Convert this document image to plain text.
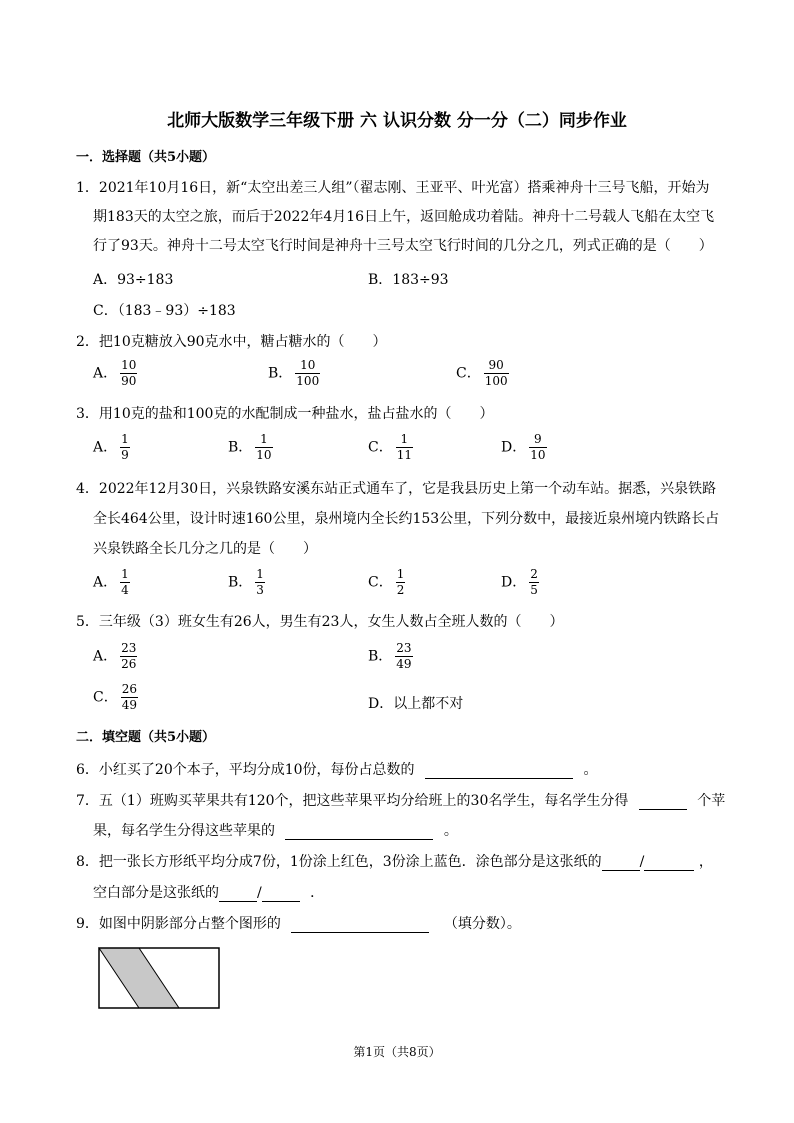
北师大版数学三年级下册 六 认识分数 分一分（二）同步作业
一．选择题（共5小题）
1．2021年10月16日，新“太空出差三人组”（翟志刚、王亚平、叶光富）搭乘神舟十三号飞船，开始为
期183天的太空之旅，而后于2022年4月16日上午，返回舱成功着陆。神舟十二号载人飞船在太空飞
行了93天。神舟十二号太空飞行时间是神舟十三号太空飞行时间的几分之几，列式正确的是（　　）
A．93÷183	B．183÷93
C．（183﹣93）÷183
2．把10克糖放入90克水中，糖占糖水的（　　）
A． $\frac{10}{90}$	B． $\frac{10}{100}$	C． $\frac{90}{100}$
3．用10克的盐和100克的水配制成一种盐水，盐占盐水的（　　）
A． $\frac{1}{9}$	B． $\frac{1}{10}$	C． $\frac{1}{11}$	D． $\frac{9}{10}$
4．2022年12月30日，兴泉铁路安溪东站正式通车了，它是我县历史上第一个动车站。据悉，兴泉铁路
全长464公里，设计时速160公里，泉州境内全长约153公里，下列分数中，最接近泉州境内铁路长占
兴泉铁路全长几分之几的是（　　）
A． $\frac{1}{4}$	B． $\frac{1}{3}$	C． $\frac{1}{2}$	D． $\frac{2}{5}$
5．三年级（3）班女生有26人，男生有23人，女生人数占全班人数的（　　）
A． $\frac{23}{26}$	B． $\frac{23}{49}$
C． $\frac{26}{49}$	D．以上都不对
二．填空题（共5小题）
6．小红买了20个本子，平均分成10份，每份占总数的	。
7．五（1）班购买苹果共有120个，把这些苹果平均分给班上的30名学生，每名学生分得	个苹
果，每名学生分得这些苹果的	。
8．把一张长方形纸平均分成7份，1份涂上红色，3份涂上蓝色．涂色部分是这张纸的	/	，
空白部分是这张纸的	/	．
9．如图中阴影部分占整个图形的	（填分数）。
第1页（共8页）
